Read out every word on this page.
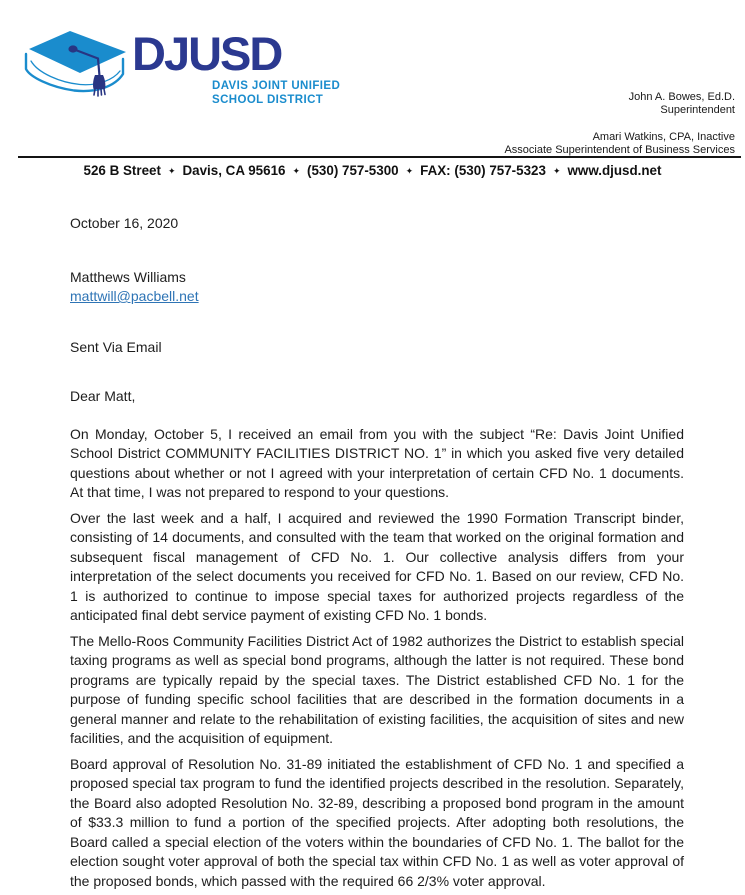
DJUSD
DAVIS JOINT UNIFIED
SCHOOL DISTRICT	John A. Bowes, Ed.D.
Superintendent
Amari Watkins, CPA, Inactive
Associate Superintendent of Business Services
526 B Street ✦ Davis, CA 95616 ✦ (530) 757-5300 ✦ FAX: (530) 757-5323 ✦ www.djusd.net

October 16, 2020

Matthews Williams
mattwill@pacbell.net

Sent Via Email

Dear Matt,

On Monday, October 5, I received an email from you with the subject “Re: Davis Joint Unified School District COMMUNITY FACILITIES DISTRICT NO. 1” in which you asked five very detailed questions about whether or not I agreed with your interpretation of certain CFD No. 1 documents. At that time, I was not prepared to respond to your questions.

Over the last week and a half, I acquired and reviewed the 1990 Formation Transcript binder, consisting of 14 documents, and consulted with the team that worked on the original formation and subsequent fiscal management of CFD No. 1. Our collective analysis differs from your interpretation of the select documents you received for CFD No. 1. Based on our review, CFD No. 1 is authorized to continue to impose special taxes for authorized projects regardless of the anticipated final debt service payment of existing CFD No. 1 bonds.

The Mello-Roos Community Facilities District Act of 1982 authorizes the District to establish special taxing programs as well as special bond programs, although the latter is not required. These bond programs are typically repaid by the special taxes. The District established CFD No. 1 for the purpose of funding specific school facilities that are described in the formation documents in a general manner and relate to the rehabilitation of existing facilities, the acquisition of sites and new facilities, and the acquisition of equipment.

Board approval of Resolution No. 31-89 initiated the establishment of CFD No. 1 and specified a proposed special tax program to fund the identified projects described in the resolution. Separately, the Board also adopted Resolution No. 32-89, describing a proposed bond program in the amount of $33.3 million to fund a portion of the specified projects. After adopting both resolutions, the Board called a special election of the voters within the boundaries of CFD No. 1. The ballot for the election sought voter approval of both the special tax within CFD No. 1 as well as voter approval of the proposed bonds, which passed with the required 66 2/3% voter approval.
